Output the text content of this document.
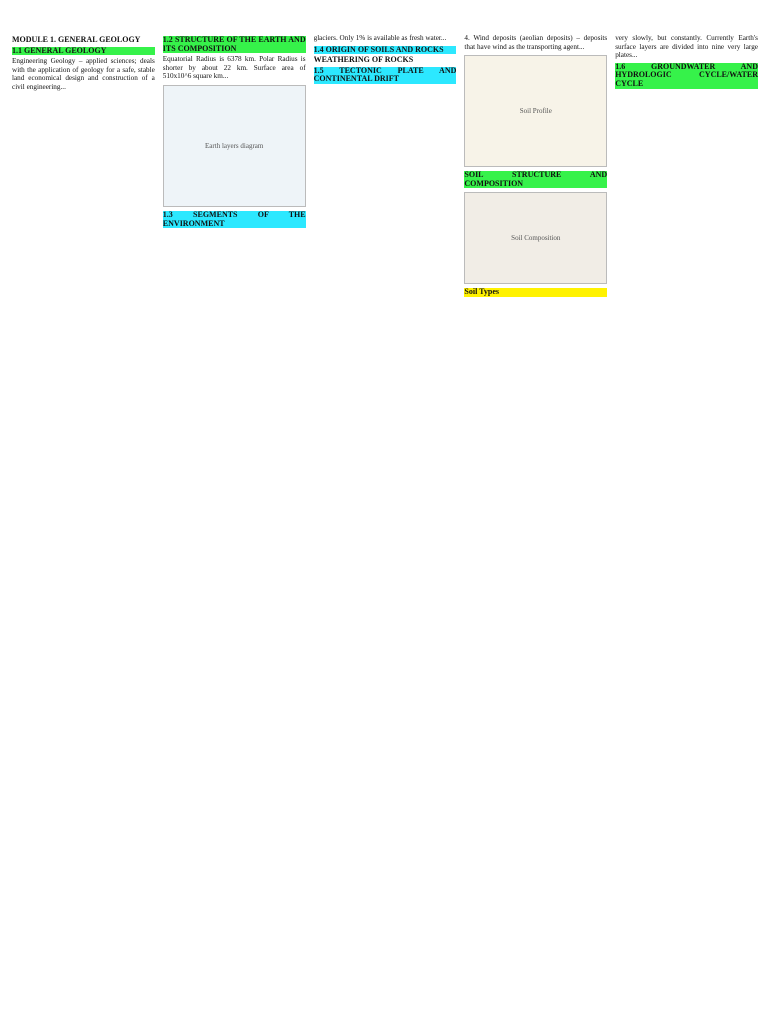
MODULE 1. GENERAL GEOLOGY
1.1 GENERAL GEOLOGY

Engineering Geology – applied sciences; deals with the application of geology for a safe, stable land economical design and construction of a civil engineering...

1.2 STRUCTURE OF THE EARTH AND ITS COMPOSITION

Equatorial Radius is 6378 km. Polar Radius is shorter by about 22 km. Surface area of 510x10^6 square km...

Earth layers diagram
1.3 SEGMENTS OF THE ENVIRONMENT

glaciers. Only 1% is available as fresh water...

1.4 ORIGIN OF SOILS AND ROCKS
WEATHERING OF ROCKS
1.5 TECTONIC PLATE AND CONTINENTAL DRIFT

4. Wind deposits (aeolian deposits) – deposits that have wind as the transporting agent...

Soil Profile
SOIL STRUCTURE AND COMPOSITION
Soil Composition
Soil Types

very slowly, but constantly. Currently Earth's surface layers are divided into nine very large plates...

1.6 GROUNDWATER AND HYDROLOGIC CYCLE/WATER CYCLE
